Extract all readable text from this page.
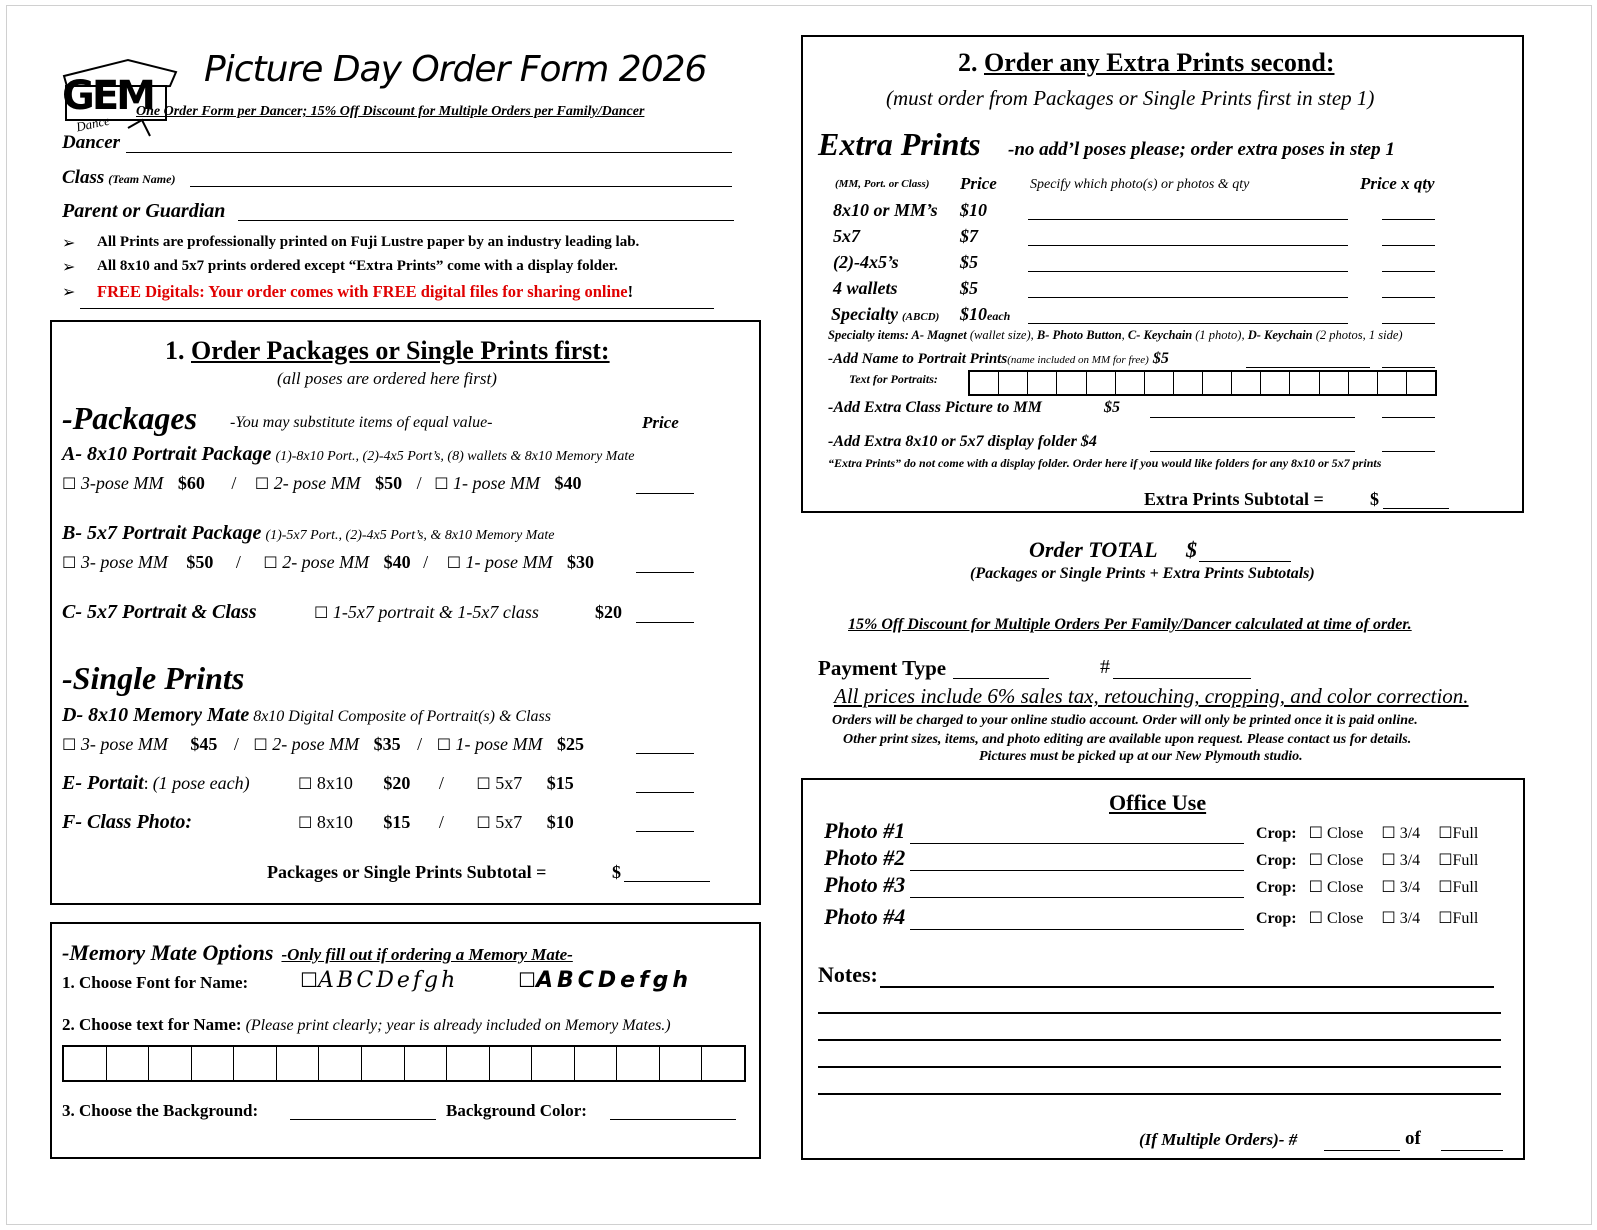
GEM
Dance
Picture Day Order Form 2026
One Order Form per Dancer; 15% Off Discount for Multiple Orders per Family/Dancer
Dancer
Class (Team Name)
Parent or Guardian
➢ All Prints are professionally printed on Fuji Lustre paper by an industry leading lab.
➢ All 8x10 and 5x7 prints ordered except “Extra Prints” come with a display folder.
➢ FREE Digitals: Your order comes with FREE digital files for sharing online!
1. Order Packages or Single Prints first:
(all poses are ordered here first)
-Packages -You may substitute items of equal value-	Price
A- 8x10 Portrait Package (1)-8x10 Port., (2)-4x5 Port’s, (8) wallets & 8x10 Memory Mate
☐ 3-pose MM $60 / ☐ 2- pose MM $50 / ☐ 1- pose MM $40
B- 5x7 Portrait Package (1)-5x7 Port., (2)-4x5 Port’s, & 8x10 Memory Mate
☐ 3- pose MM $50 / ☐ 2- pose MM $40 / ☐ 1- pose MM $30
C- 5x7 Portrait & Class	☐ 1-5x7 portrait & 1-5x7 class	$20
-Single Prints
D- 8x10 Memory Mate 8x10 Digital Composite of Portrait(s) & Class
☐ 3- pose MM $45 / ☐ 2- pose MM $35 / ☐ 1- pose MM $25
E- Portait: (1 pose each)	☐ 8x10 $20 / ☐ 5x7 $15
F- Class Photo:	☐ 8x10 $15 / ☐ 5x7 $10
Packages or Single Prints Subtotal =	$
-Memory Mate Options -Only fill out if ordering a Memory Mate-
1. Choose Font for Name:	☐ABCDefgh	☐ABCDefgh
2. Choose text for Name: (Please print clearly; year is already included on Memory Mates.)
3. Choose the Background:	Background Color:
2. Order any Extra Prints second:
(must order from Packages or Single Prints first in step 1)
Extra Prints -no add’l poses please; order extra poses in step 1
(MM, Port. or Class) Price Specify which photo(s) or photos & qty	Price x qty
8x10 or MM’s $10
5x7	$7
(2)-4x5’s	$5
4 wallets	$5
Specialty (ABCD) $10each
Specialty items: A- Magnet (wallet size), B- Photo Button, C- Keychain (1 photo), D- Keychain (2 photos, 1 side)
-Add Name to Portrait Prints(name included on MM for free) $5
Text for Portraits:
-Add Extra Class Picture to MM	$5
-Add Extra 8x10 or 5x7 display folder $4
“Extra Prints” do not come with a display folder. Order here if you would like folders for any 8x10 or 5x7 prints
Extra Prints Subtotal =	$
Order TOTAL $
(Packages or Single Prints + Extra Prints Subtotals)
15% Off Discount for Multiple Orders Per Family/Dancer calculated at time of order.
Payment Type	#
All prices include 6% sales tax, retouching, cropping, and color correction.
Orders will be charged to your online studio account. Order will only be printed once it is paid online.
Other print sizes, items, and photo editing are available upon request. Please contact us for details.
Pictures must be picked up at our New Plymouth studio.
Office Use
Photo #1	Crop: ☐ Close ☐ 3/4 ☐Full
Photo #2	Crop: ☐ Close ☐ 3/4 ☐Full
Photo #3	Crop: ☐ Close ☐ 3/4 ☐Full
Photo #4	Crop: ☐ Close ☐ 3/4 ☐Full
Notes:
(If Multiple Orders)- #	of
